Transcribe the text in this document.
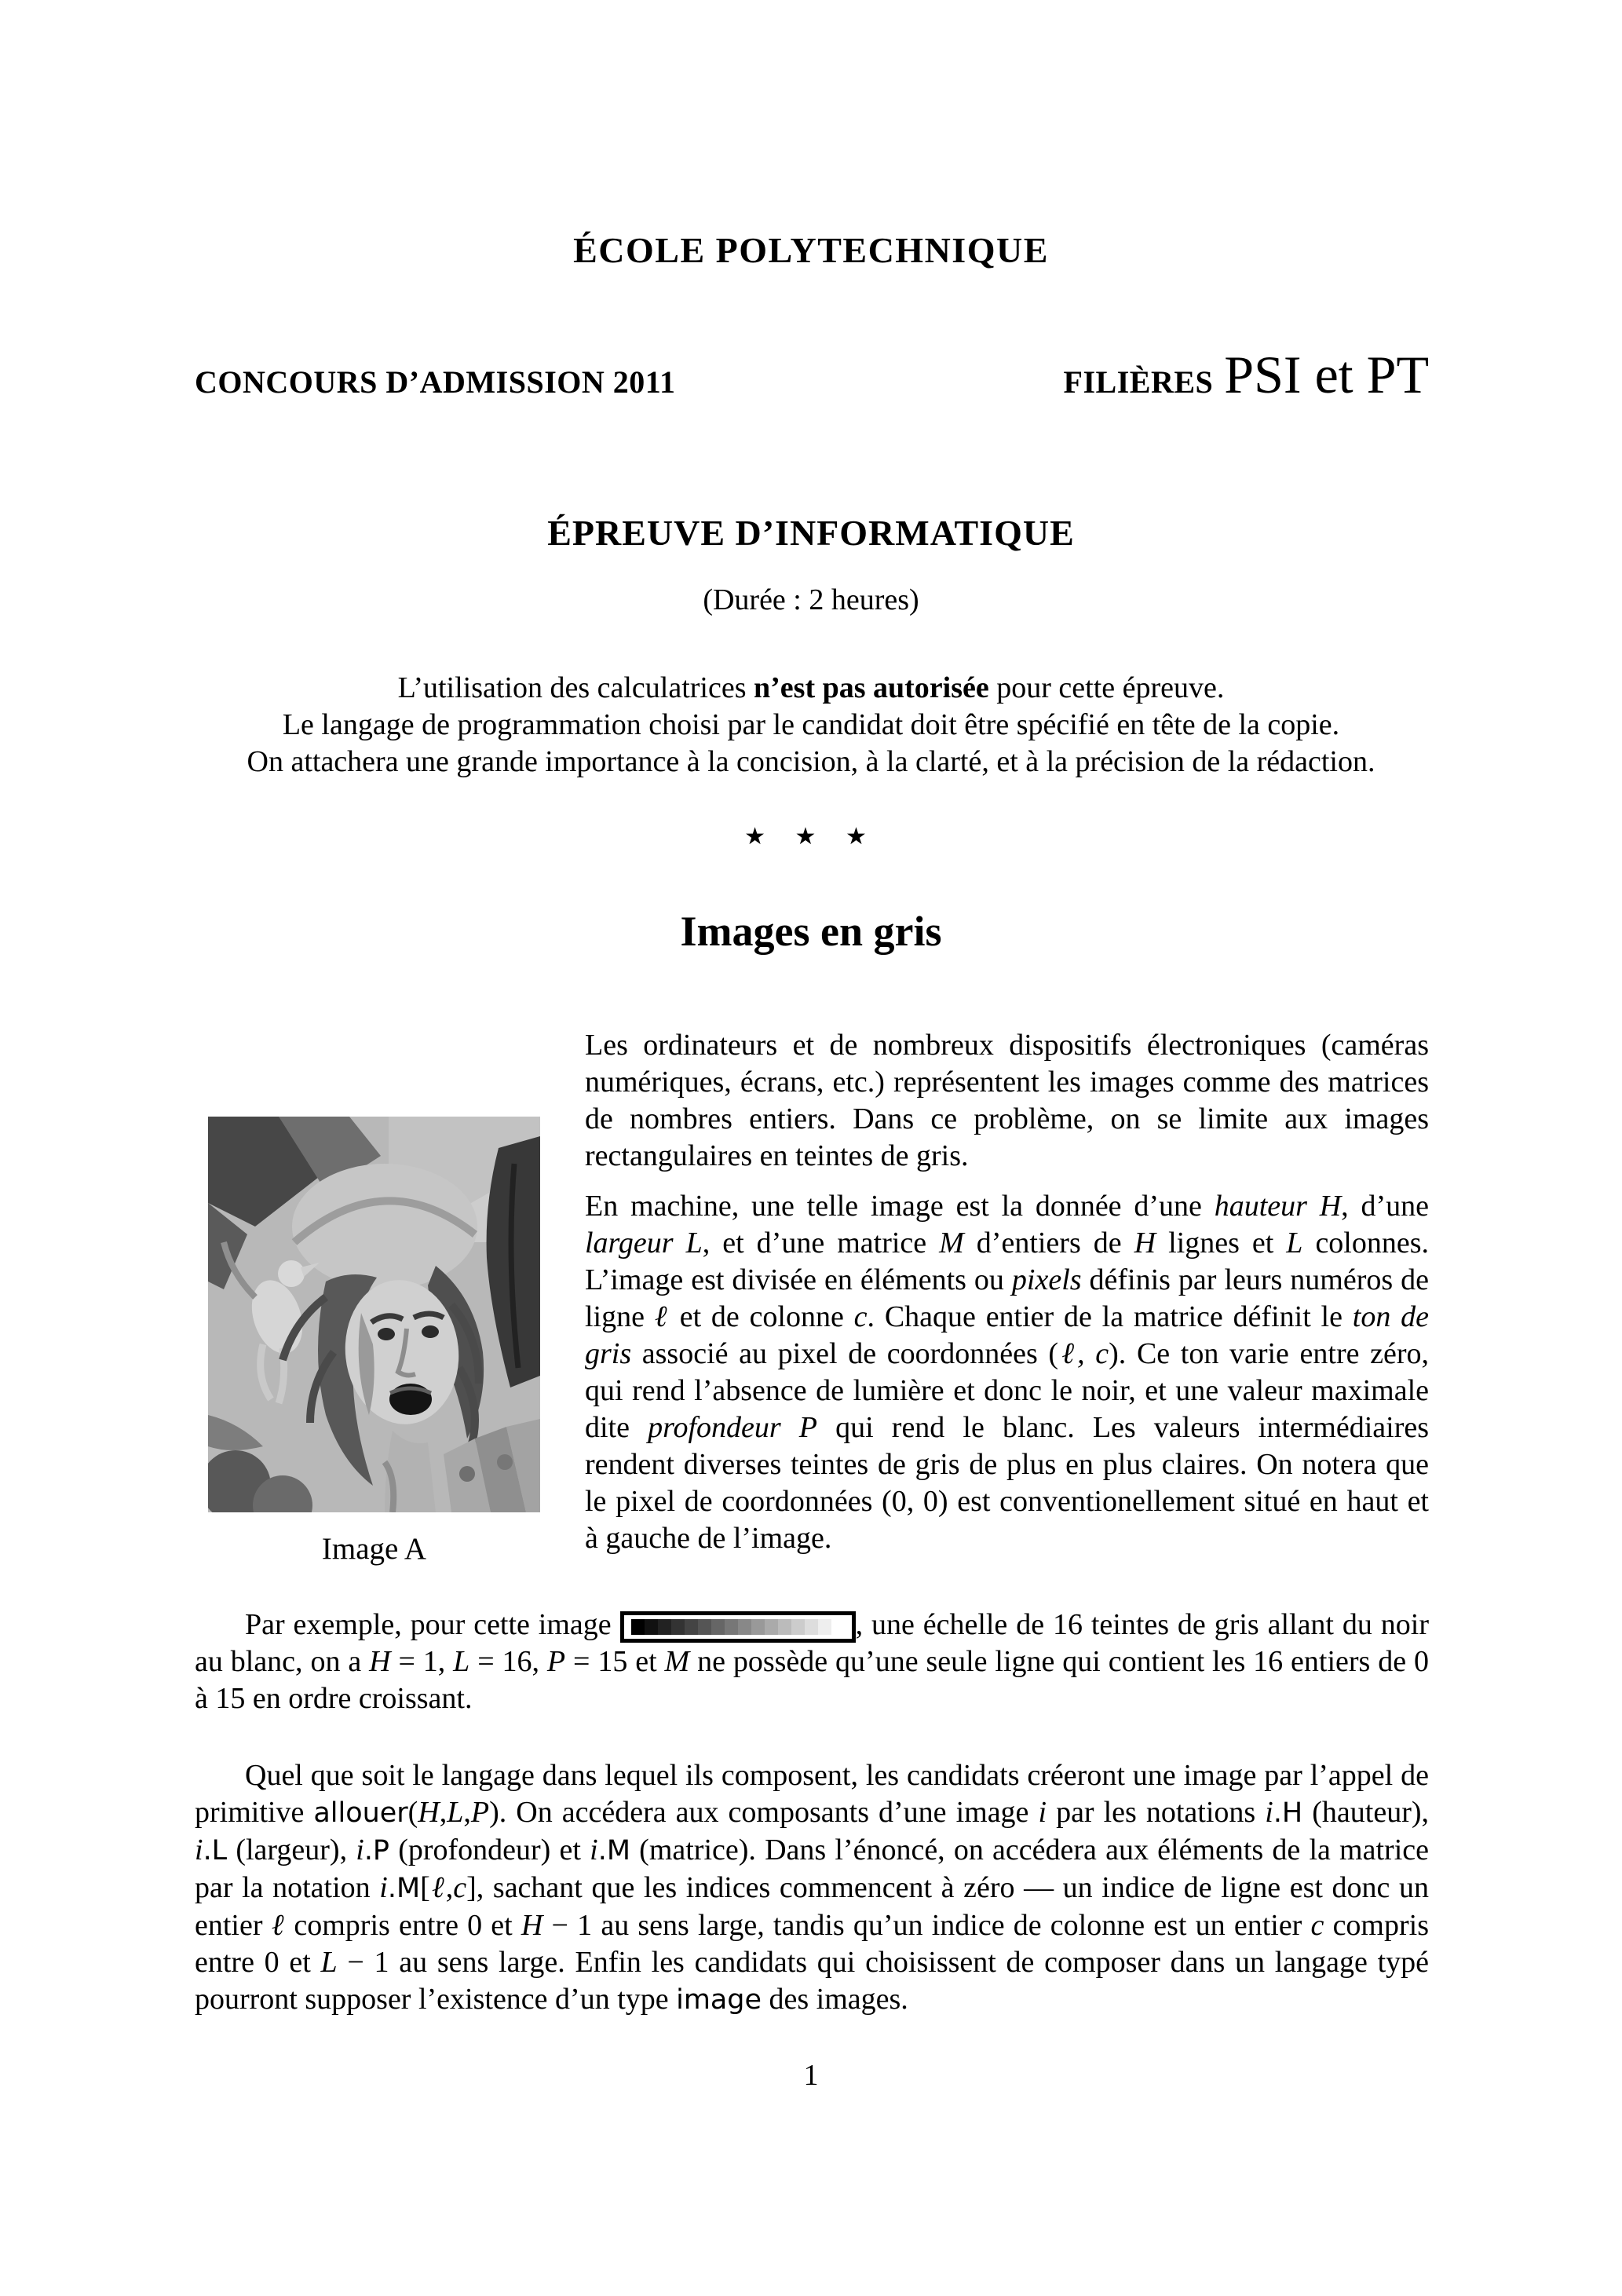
ÉCOLE POLYTECHNIQUE
CONCOURS D’ADMISSION 2011	FILIÈRES PSI et PT
ÉPREUVE D’INFORMATIQUE
(Durée : 2 heures)
L’utilisation des calculatrices n’est pas autorisée pour cette épreuve.
Le langage de programmation choisi par le candidat doit être spécifié en tête de la copie.
On attachera une grande importance à la concision, à la clarté, et à la précision de la rédaction.
★ ★ ★
Images en gris
Image A

Les ordinateurs et de nombreux dispositifs électroniques (caméras numériques, écrans, etc.) représentent les images comme des matrices de nombres entiers. Dans ce problème, on se limite aux images rectangulaires en teintes de gris.

En machine, une telle image est la donnée d’une hauteur H, d’une largeur L, et d’une matrice M d’entiers de H lignes et L colonnes. L’image est divisée en éléments ou pixels définis par leurs numéros de ligne ℓ et de colonne c. Chaque entier de la matrice définit le ton de gris associé au pixel de coordonnées (ℓ, c). Ce ton varie entre zéro, qui rend l’absence de lumière et donc le noir, et une valeur maximale dite profondeur P qui rend le blanc. Les valeurs intermédiaires rendent diverses teintes de gris de plus en plus claires. On notera que le pixel de coordonnées (0, 0) est conventionellement situé en haut et à gauche de l’image.

Par exemple, pour cette image	, une échelle de 16 teintes de gris allant du noir au blanc, on a H = 1, L = 16, P = 15 et M ne possède qu’une seule ligne qui contient les 16 entiers de 0 à 15 en ordre croissant.
Quel que soit le langage dans lequel ils composent, les candidats créeront une image par l’appel de primitive allouer(H,L,P). On accédera aux composants d’une image i par les notations i.H (hauteur), i.L (largeur), i.P (profondeur) et i.M (matrice). Dans l’énoncé, on accédera aux éléments de la matrice par la notation i.M[ℓ,c], sachant que les indices commencent à zéro — un indice de ligne est donc un entier ℓ compris entre 0 et H − 1 au sens large, tandis qu’un indice de colonne est un entier c compris entre 0 et L − 1 au sens large. Enfin les candidats qui choisissent de composer dans un langage typé pourront supposer l’existence d’un type image des images.
1
